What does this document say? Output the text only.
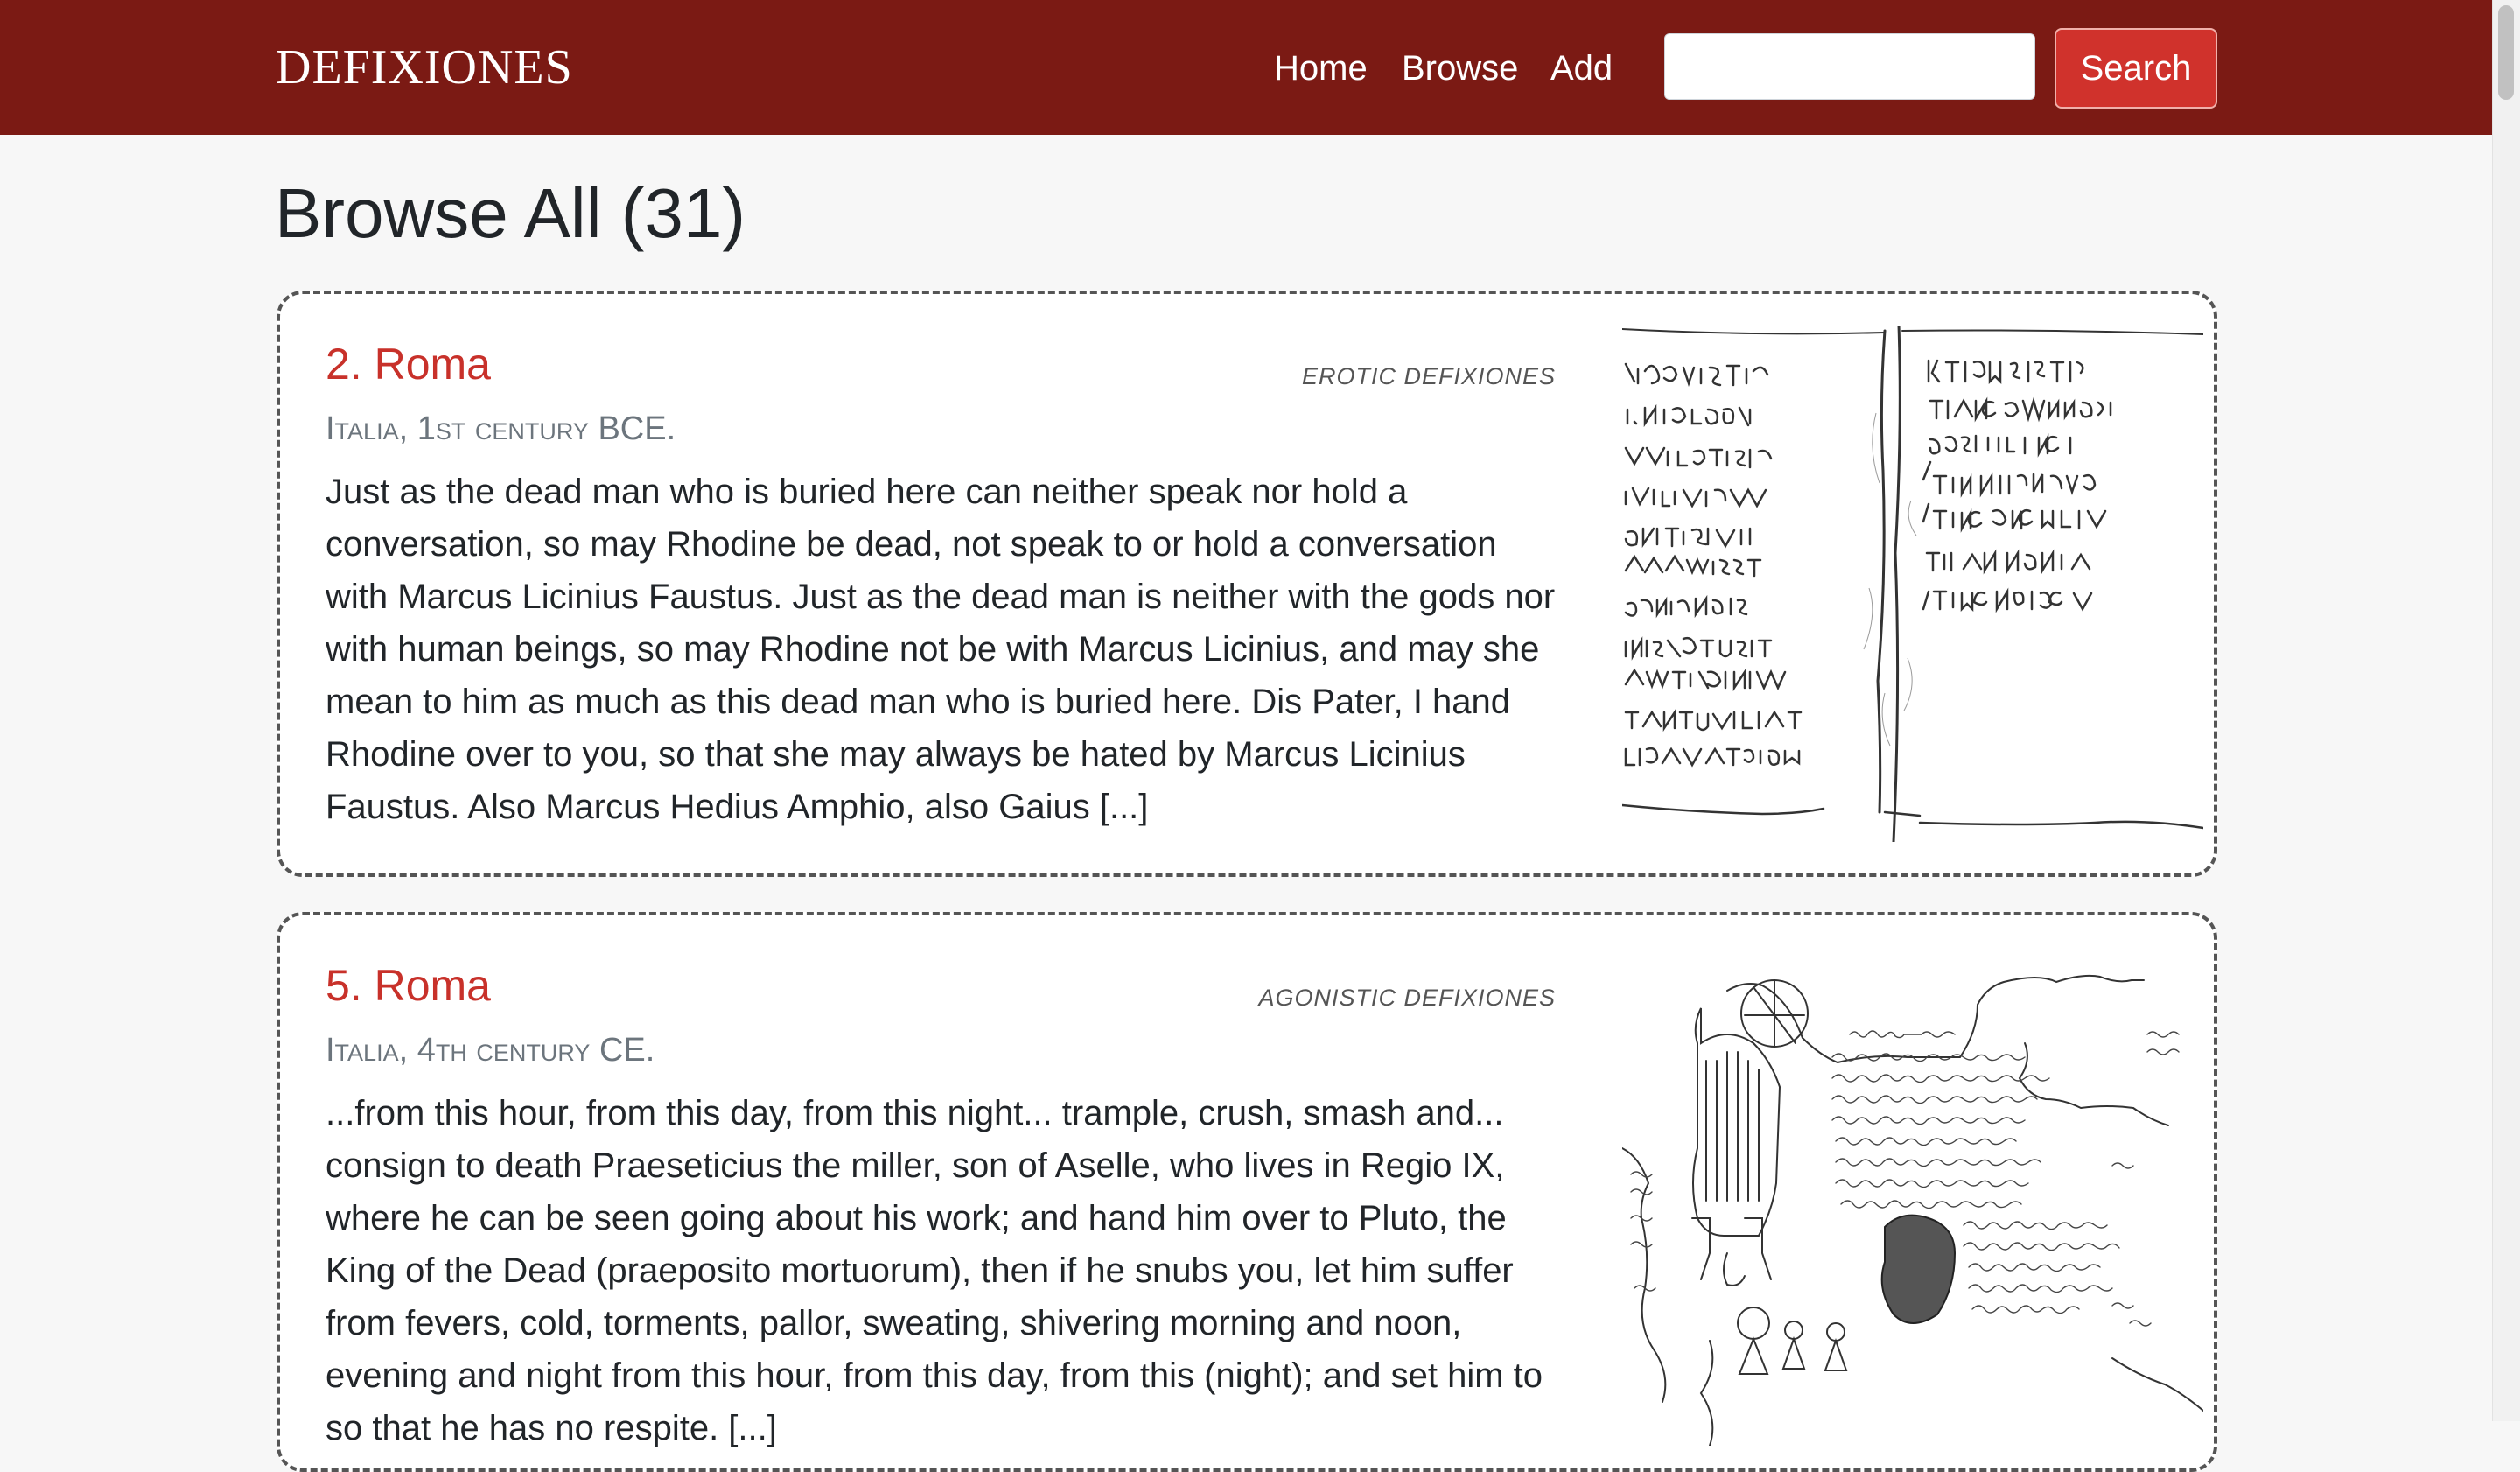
DEFIXIONES	Home Browse Add	Search
Browse All (31)
2. Roma	EROTIC DEFIXIONES
Italia, 1st century BCE.

Just as the dead man who is buried here can neither speak nor hold a conversation, so may Rhodine be dead, not speak to or hold a conversation with Marcus Licinius Faustus. Just as the dead man is neither with the gods nor with human beings, so may Rhodine not be with Marcus Licinius, and may she mean to him as much as this dead man who is buried here. Dis Pater, I hand Rhodine over to you, so that she may always be hated by Marcus Licinius Faustus. Also Marcus Hedius Amphio, also Gaius [...]

5. Roma	AGONISTIC DEFIXIONES
Italia, 4th century CE.

...from this hour, from this day, from this night... trample, crush, smash and... consign to death Praeseticius the miller, son of Aselle, who lives in Regio IX, where he can be seen going about his work; and hand him over to Pluto, the King of the Dead (praeposito mortuorum), then if he snubs you, let him suffer from fevers, cold, torments, pallor, sweating, shivering morning and noon, evening and night from this hour, from this day, from this (night); and set him to so that he has no respite. [...]
